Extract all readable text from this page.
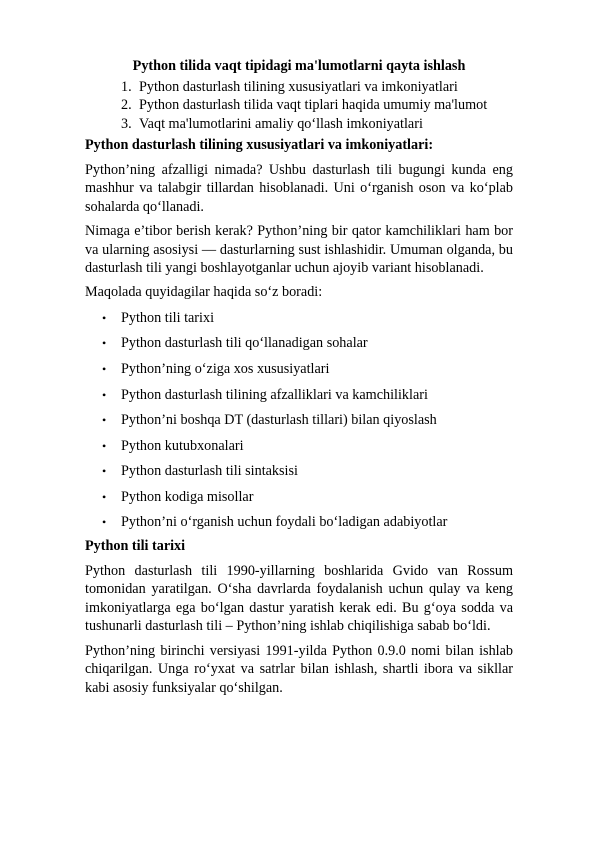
Python tilida vaqt tipidagi ma'lumotlarni qayta ishlash

1. Python dasturlash tilining xususiyatlari va imkoniyatlari
2. Python dasturlash tilida vaqt tiplari haqida umumiy ma'lumot
3. Vaqt ma'lumotlarini amaliy qo‘llash imkoniyatlari
Python dasturlash tilining xususiyatlari va imkoniyatlari:

Python’ning afzalligi nimada? Ushbu dasturlash tili bugungi kunda eng mashhur va talabgir tillardan hisoblanadi. Uni o‘rganish oson va ko‘plab sohalarda qo‘llanadi.

Nimaga e’tibor berish kerak? Python’ning bir qator kamchiliklari ham bor va ularning asosiysi — dasturlarning sust ishlashidir. Umuman olganda, bu dasturlash tili yangi boshlayotganlar uchun ajoyib variant hisoblanadi.

Maqolada quyidagilar haqida so‘z boradi:

• Python tili tarixi
• Python dasturlash tili qo‘llanadigan sohalar
• Python’ning o‘ziga xos xususiyatlari
• Python dasturlash tilining afzalliklari va kamchiliklari
• Python’ni boshqa DT (dasturlash tillari) bilan qiyoslash
• Python kutubxonalari
• Python dasturlash tili sintaksisi
• Python kodiga misollar
• Python’ni o‘rganish uchun foydali bo‘ladigan adabiyotlar
Python tili tarixi

Python dasturlash tili 1990-yillarning boshlarida Gvido van Rossum tomonidan yaratilgan. O‘sha davrlarda foydalanish uchun qulay va keng imkoniyatlarga ega bo‘lgan dastur yaratish kerak edi. Bu g‘oya sodda va tushunarli dasturlash tili – Python’ning ishlab chiqilishiga sabab bo‘ldi.

Python’ning birinchi versiyasi 1991-yilda Python 0.9.0 nomi bilan ishlab chiqarilgan. Unga ro‘yxat va satrlar bilan ishlash, shartli ibora va sikllar kabi asosiy funksiyalar qo‘shilgan.
